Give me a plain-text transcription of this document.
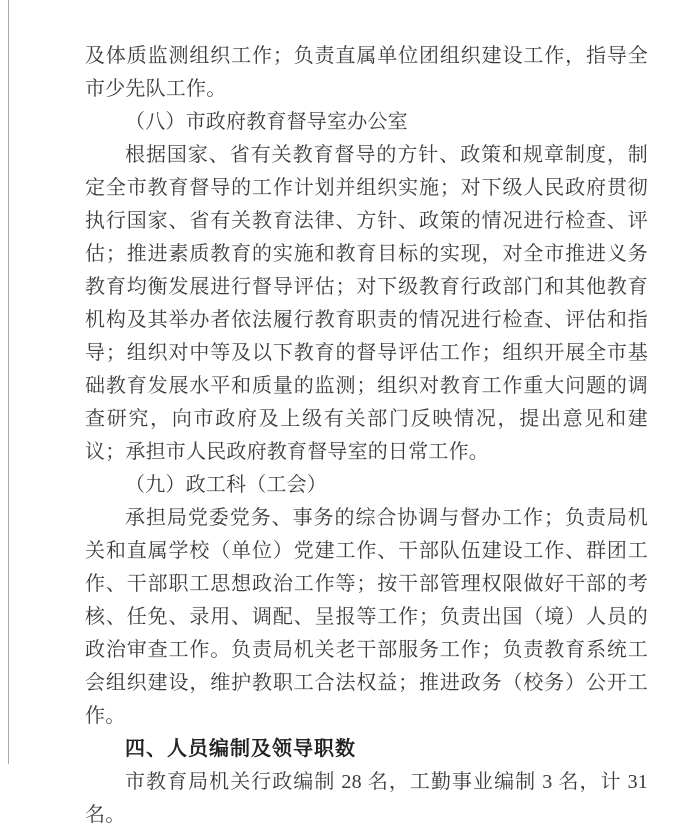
及体质监测组织工作；负责直属单位团组织建设工作，指导全市少先队工作。

（八）市政府教育督导室办公室

根据国家、省有关教育督导的方针、政策和规章制度，制定全市教育督导的工作计划并组织实施；对下级人民政府贯彻执行国家、省有关教育法律、方针、政策的情况进行检查、评估；推进素质教育的实施和教育目标的实现，对全市推进义务教育均衡发展进行督导评估；对下级教育行政部门和其他教育机构及其举办者依法履行教育职责的情况进行检查、评估和指导；组织对中等及以下教育的督导评估工作；组织开展全市基础教育发展水平和质量的监测；组织对教育工作重大问题的调查研究，向市政府及上级有关部门反映情况，提出意见和建议；承担市人民政府教育督导室的日常工作。

（九）政工科（工会）

承担局党委党务、事务的综合协调与督办工作；负责局机关和直属学校（单位）党建工作、干部队伍建设工作、群团工作、干部职工思想政治工作等；按干部管理权限做好干部的考核、任免、录用、调配、呈报等工作；负责出国（境）人员的政治审查工作。负责局机关老干部服务工作；负责教育系统工会组织建设，维护教职工合法权益；推进政务（校务）公开工作。

四、人员编制及领导职数

市教育局机关行政编制 28 名，工勤事业编制 3 名，计 31 名。
